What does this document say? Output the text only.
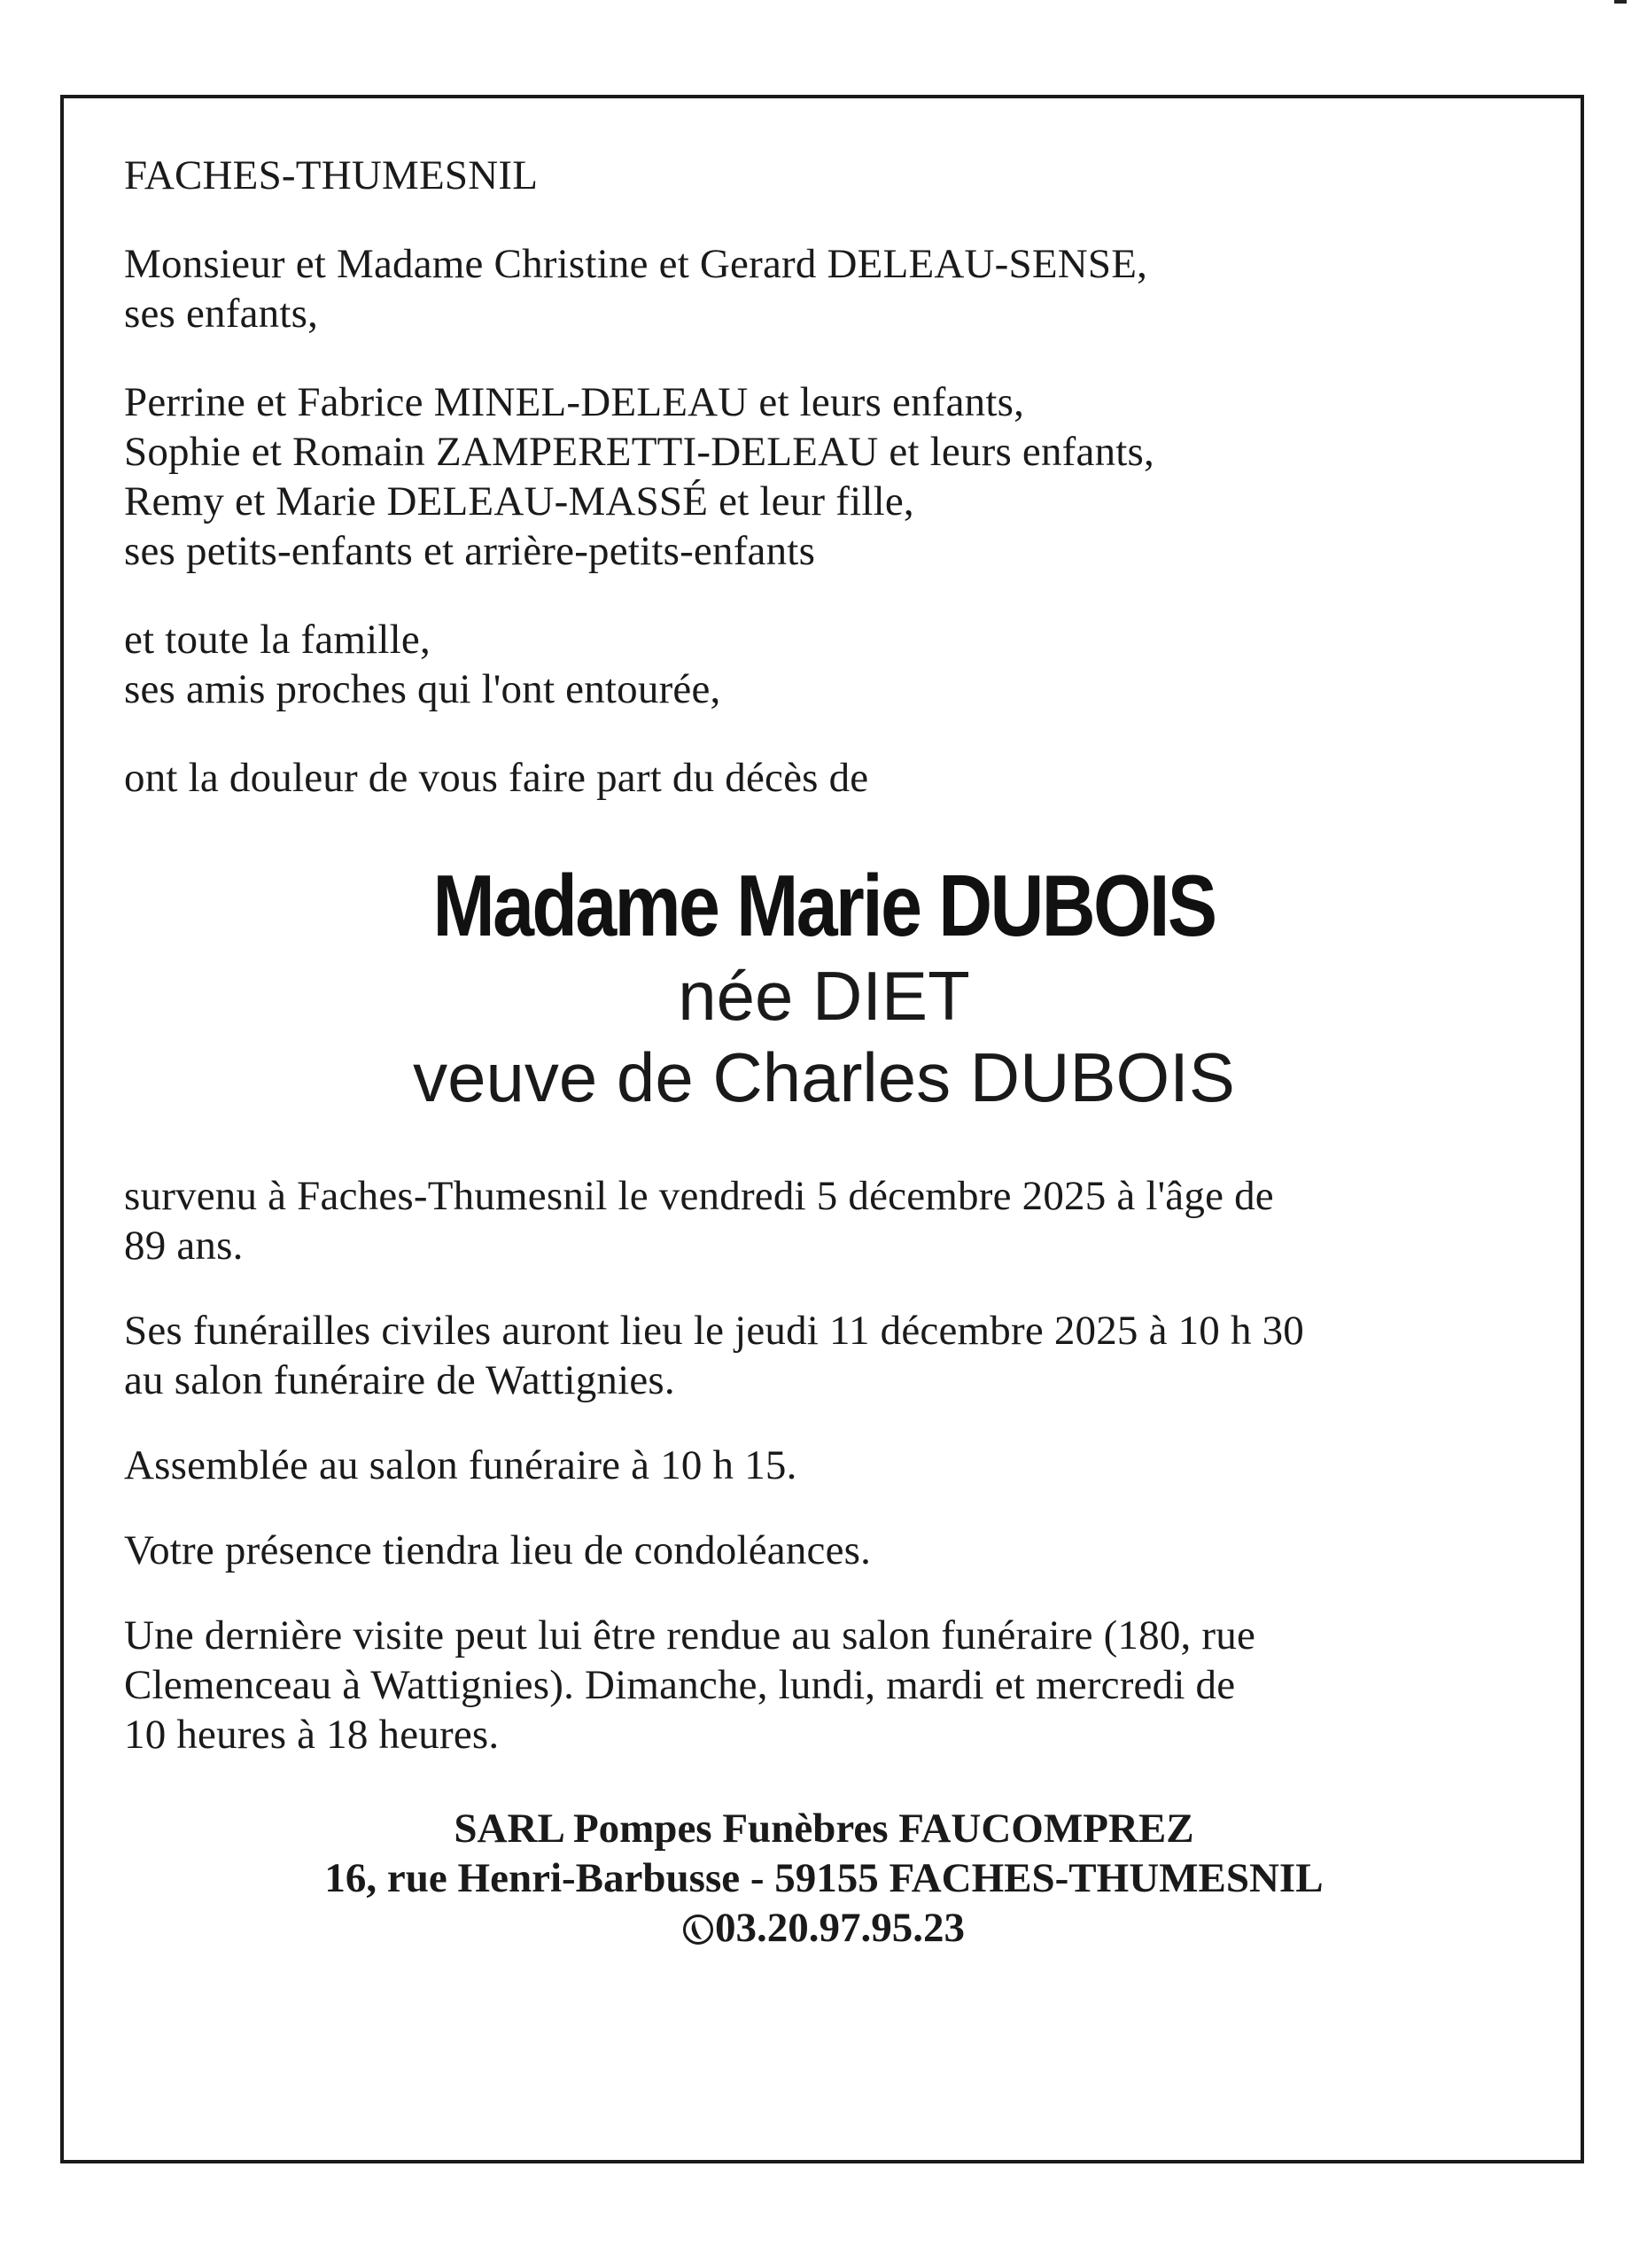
FACHES-THUMESNIL

Monsieur et Madame Christine et Gerard DELEAU-SENSE,

ses enfants,

Perrine et Fabrice MINEL-DELEAU et leurs enfants,

Sophie et Romain ZAMPERETTI-DELEAU et leurs enfants,

Remy et Marie DELEAU-MASSÉ et leur fille,

ses petits-enfants et arrière-petits-enfants

et toute la famille,

ses amis proches qui l'ont entourée,

ont la douleur de vous faire part du décès de

Madame Marie DUBOIS

née DIET

veuve de Charles DUBOIS

survenu à Faches-Thumesnil le vendredi 5 décembre 2025 à l'âge de

89 ans.

Ses funérailles civiles auront lieu le jeudi 11 décembre 2025 à 10 h 30

au salon funéraire de Wattignies.

Assemblée au salon funéraire à 10 h 15.

Votre présence tiendra lieu de condoléances.

Une dernière visite peut lui être rendue au salon funéraire (180, rue

Clemenceau à Wattignies). Dimanche, lundi, mardi et mercredi de

10 heures à 18 heures.

SARL Pompes Funèbres FAUCOMPREZ
16, rue Henri-Barbusse - 59155 FACHES-THUMESNIL
03.20.97.95.23
